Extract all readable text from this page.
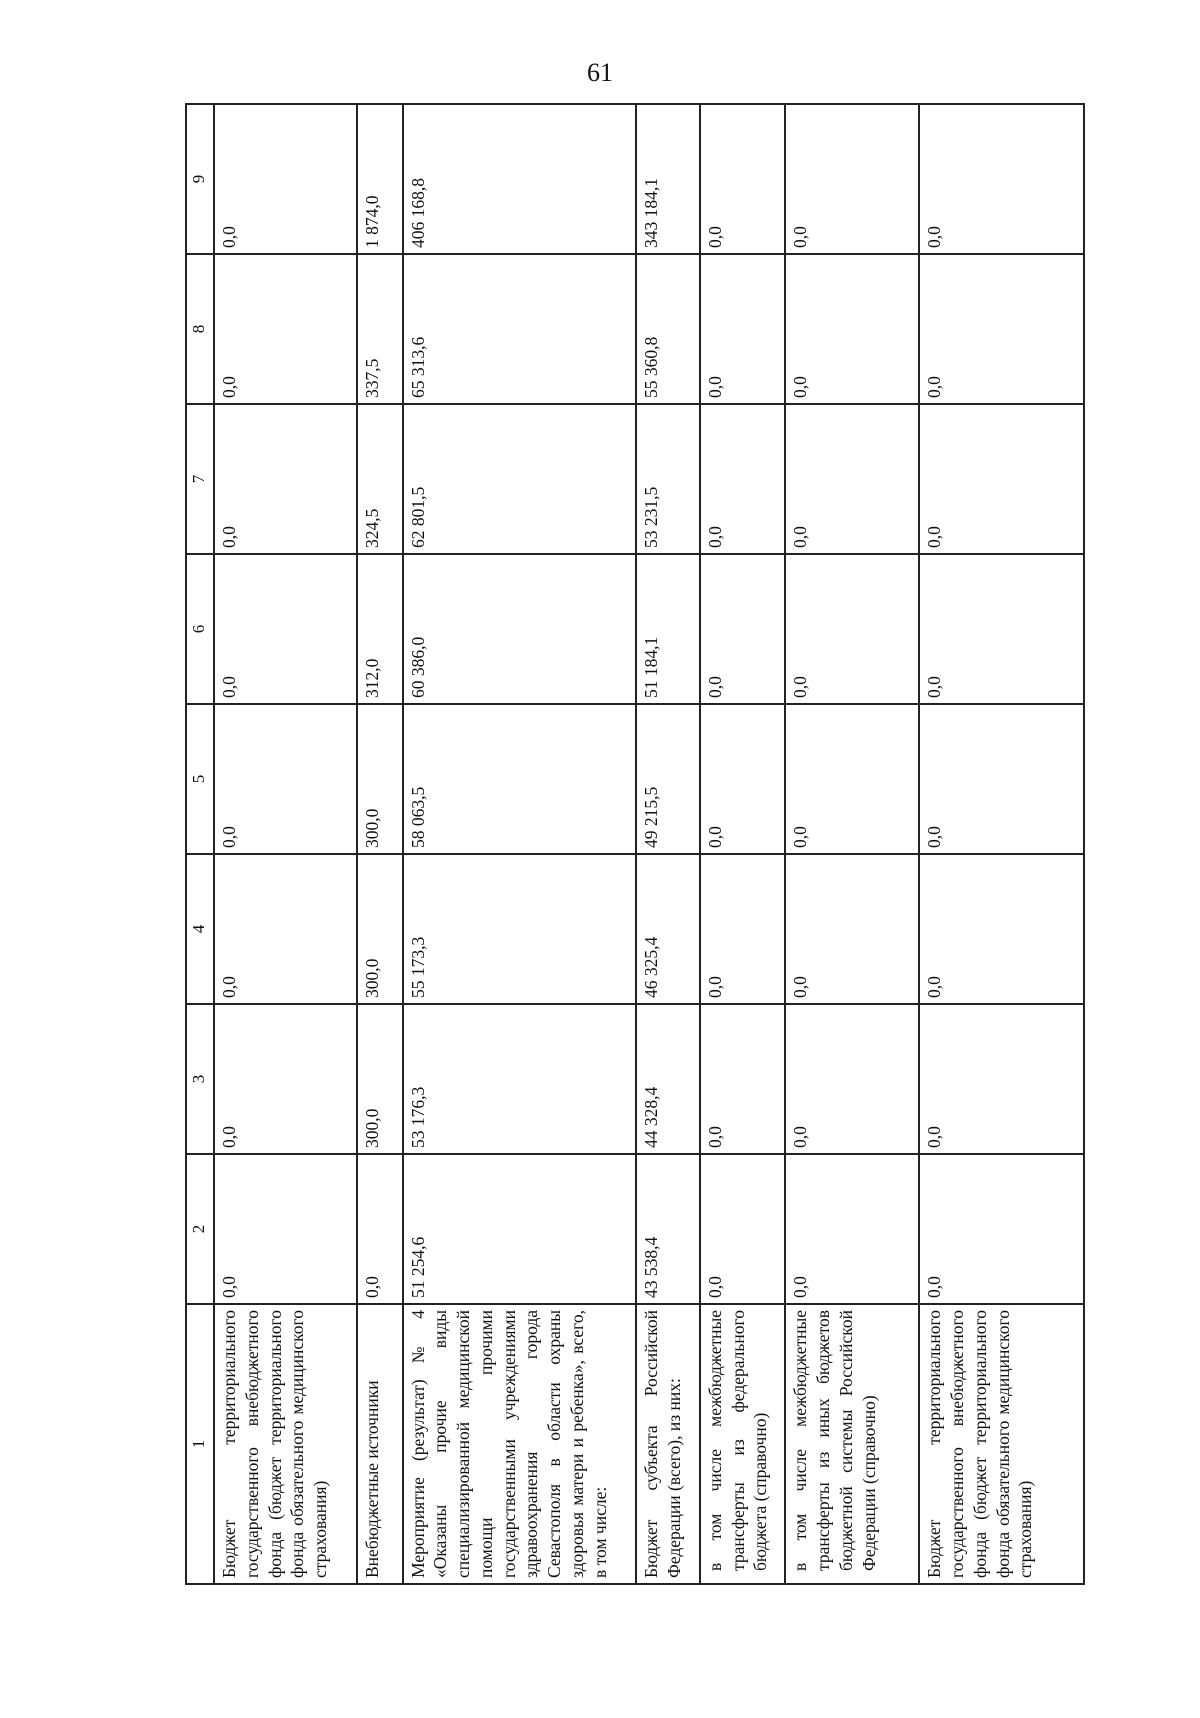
61
1	2	3	4	5	6	7	8	9
Бюджет территориального государственного внебюджетного фонда (бюджет территориального фонда обязательного медицинского страхования)	0,0	0,0	0,0	0,0	0,0	0,0	0,0	0,0
Внебюджетные источники	0,0	300,0	300,0	300,0	312,0	324,5	337,5	1 874,0
Мероприятие (результат) № 4 «Оказаны прочие виды специализированной медицинской помощи прочими государственными учреждениями здравоохранения города Севастополя в области охраны здоровья матери и ребенка», всего, в том числе:	51 254,6	53 176,3	55 173,3	58 063,5	60 386,0	62 801,5	65 313,6	406 168,8
Бюджет субъекта Российской Федерации (всего), из них:	43 538,4	44 328,4	46 325,4	49 215,5	51 184,1	53 231,5	55 360,8	343 184,1
в том числе межбюджетные трансферты из федерального бюджета (справочно)	0,0	0,0	0,0	0,0	0,0	0,0	0,0	0,0
в том числе межбюджетные трансферты из иных бюджетов бюджетной системы Российской Федерации (справочно)	0,0	0,0	0,0	0,0	0,0	0,0	0,0	0,0
Бюджет территориального государственного внебюджетного фонда (бюджет территориального фонда обязательного медицинского страхования)	0,0	0,0	0,0	0,0	0,0	0,0	0,0	0,0
